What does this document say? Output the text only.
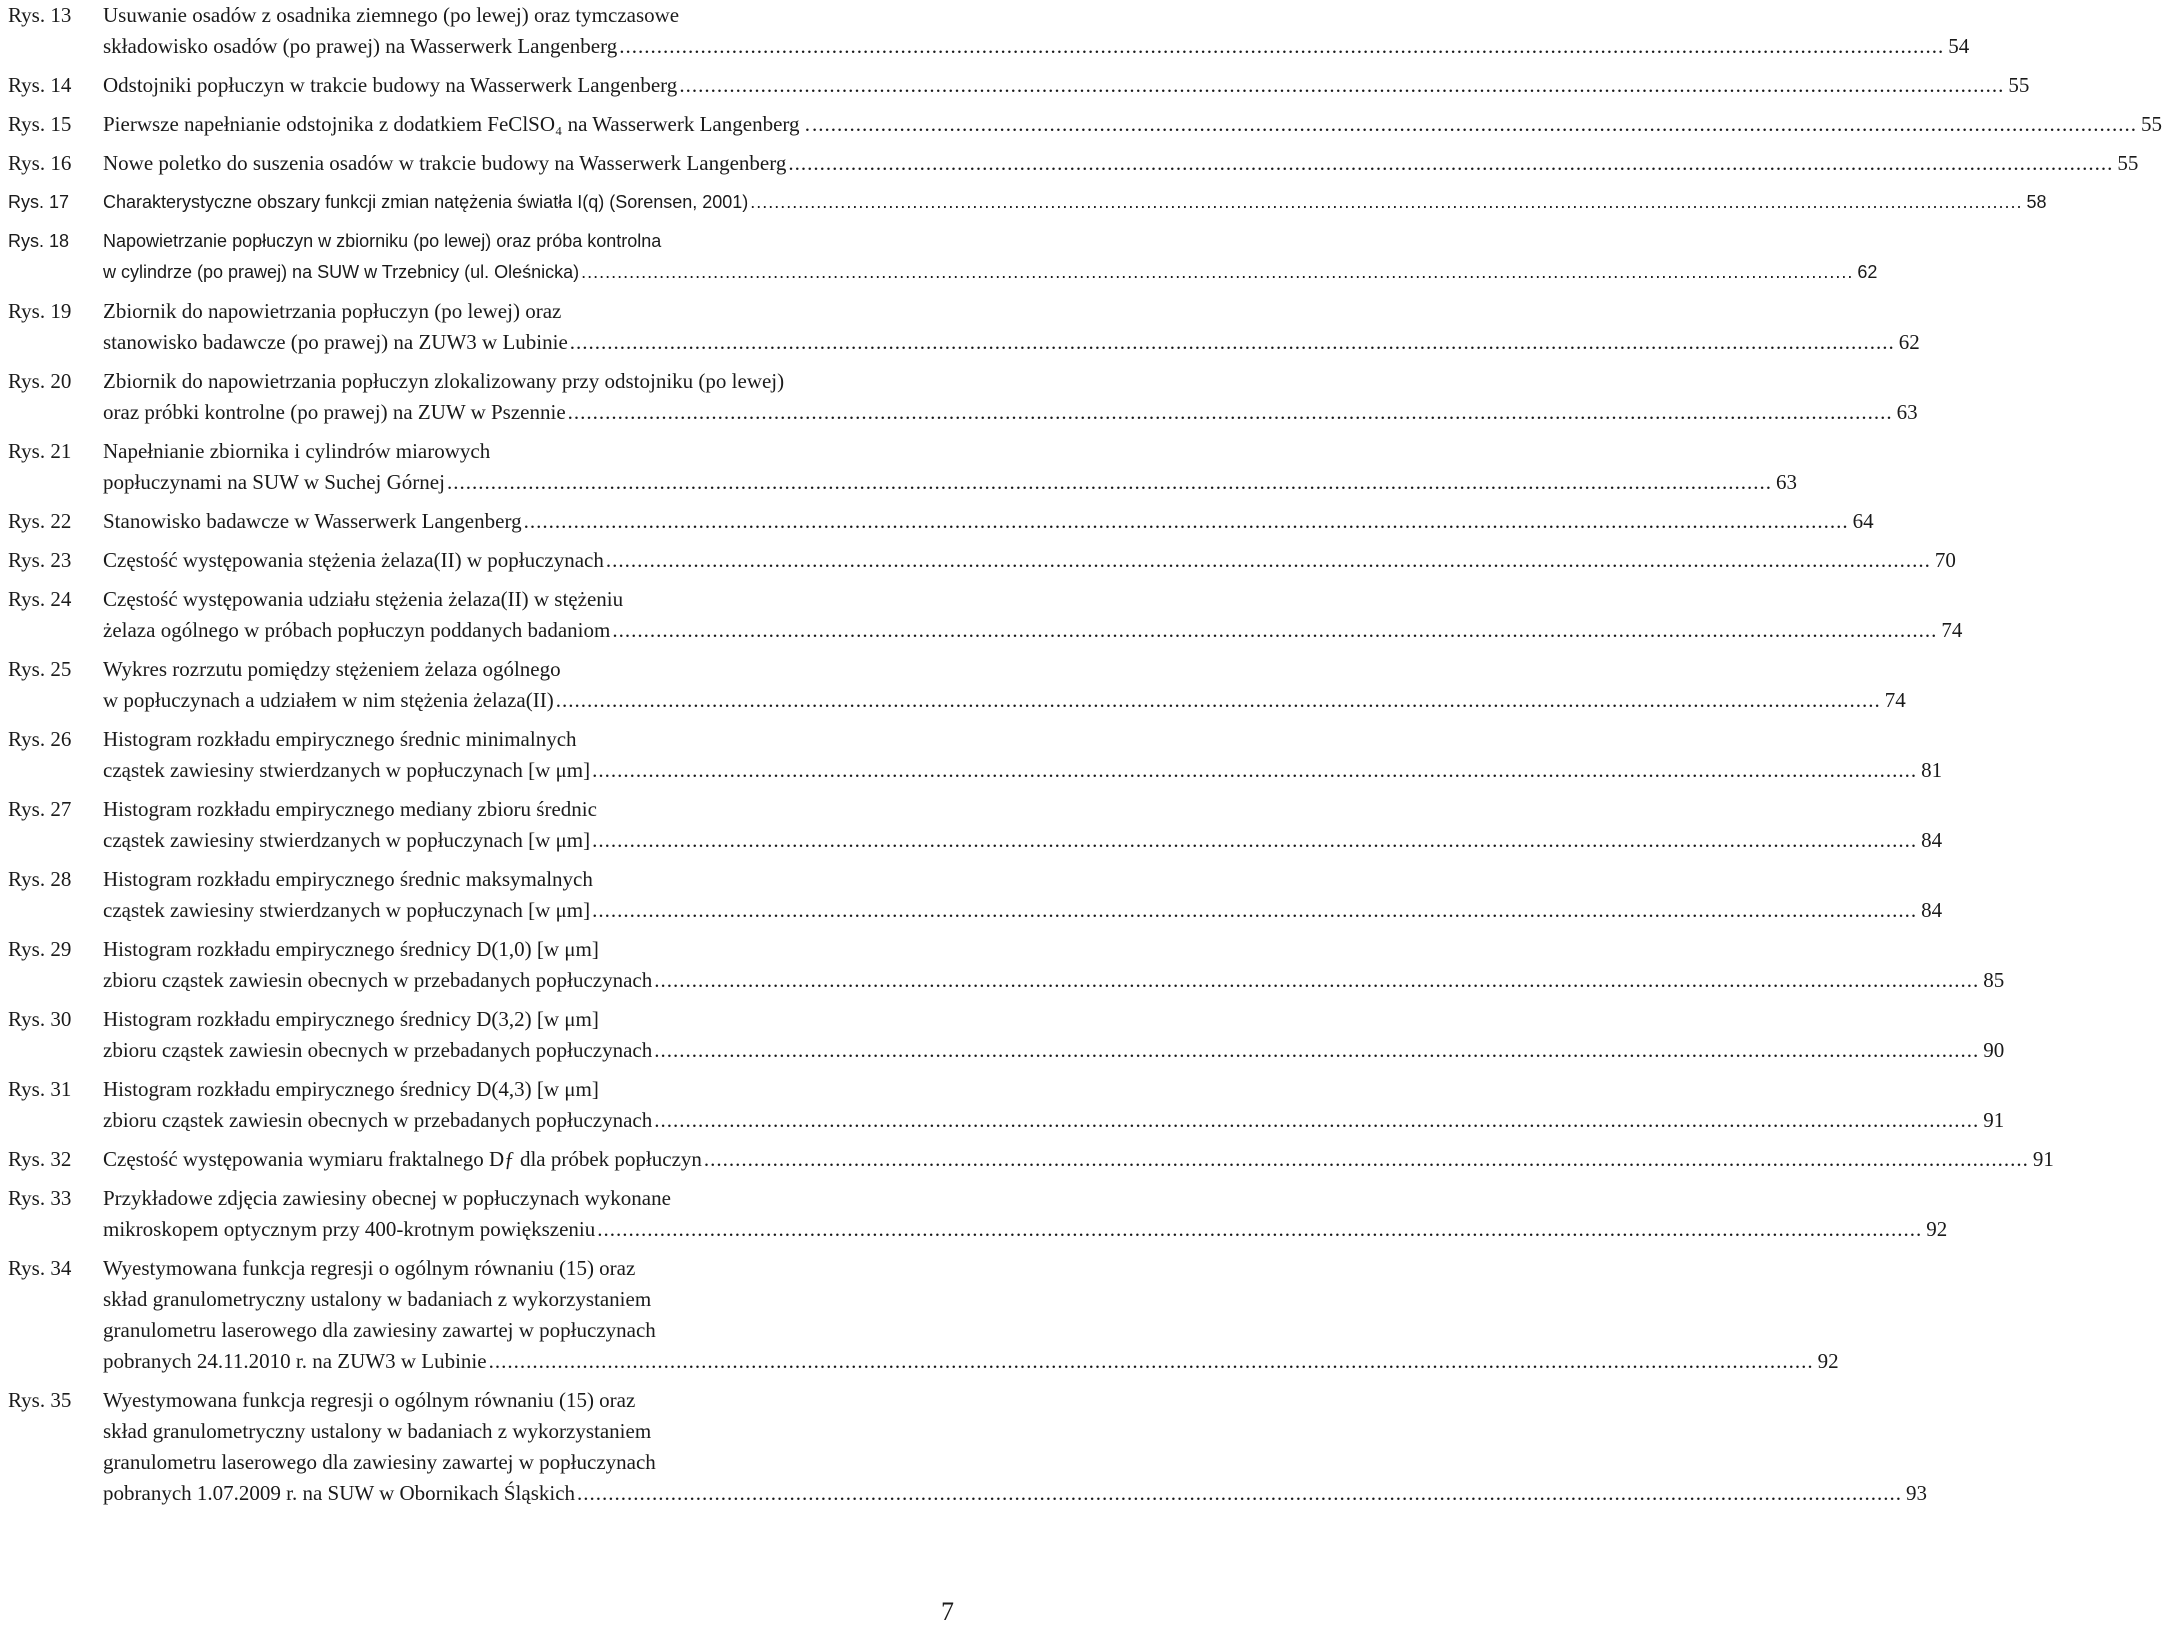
Rys. 13	Usuwanie osadów z osadnika ziemnego (po lewej) oraz tymczasowe
składowisko osadów (po prawej) na Wasserwerk Langenberg .................................................................................................................................................................................................................... 54
Rys. 14	Odstojniki popłuczyn w trakcie budowy na Wasserwerk Langenberg .................................................................................................................................................................................................................... 55
Rys. 15	Pierwsze napełnianie odstojnika z dodatkiem FeClSO₄ na Wasserwerk Langenberg . .................................................................................................................................................................................................................... 55
Rys. 16	Nowe poletko do suszenia osadów w trakcie budowy na Wasserwerk Langenberg .................................................................................................................................................................................................................... 55
Rys. 17	Charakterystyczne obszary funkcji zmian natężenia światła I(q) (Sorensen, 2001) .................................................................................................................................................................................................................... 58
Rys. 18	Napowietrzanie popłuczyn w zbiorniku (po lewej) oraz próba kontrolna
w cylindrze (po prawej) na SUW w Trzebnicy (ul. Oleśnicka) .................................................................................................................................................................................................................... 62
Rys. 19	Zbiornik do napowietrzania popłuczyn (po lewej) oraz
stanowisko badawcze (po prawej) na ZUW3 w Lubinie .................................................................................................................................................................................................................... 62
Rys. 20	Zbiornik do napowietrzania popłuczyn zlokalizowany przy odstojniku (po lewej)
oraz próbki kontrolne (po prawej) na ZUW w Pszennie .................................................................................................................................................................................................................... 63
Rys. 21	Napełnianie zbiornika i cylindrów miarowych
popłuczynami na SUW w Suchej Górnej .................................................................................................................................................................................................................... 63
Rys. 22	Stanowisko badawcze w Wasserwerk Langenberg .................................................................................................................................................................................................................... 64
Rys. 23	Częstość występowania stężenia żelaza(II) w popłuczynach .................................................................................................................................................................................................................... 70
Rys. 24	Częstość występowania udziału stężenia żelaza(II) w stężeniu
żelaza ogólnego w próbach popłuczyn poddanych badaniom .................................................................................................................................................................................................................... 74
Rys. 25	Wykres rozrzutu pomiędzy stężeniem żelaza ogólnego
w popłuczynach a udziałem w nim stężenia żelaza(II) .................................................................................................................................................................................................................... 74
Rys. 26	Histogram rozkładu empirycznego średnic minimalnych
cząstek zawiesiny stwierdzanych w popłuczynach [w μm] .................................................................................................................................................................................................................... 81
Rys. 27	Histogram rozkładu empirycznego mediany zbioru średnic
cząstek zawiesiny stwierdzanych w popłuczynach [w μm] .................................................................................................................................................................................................................... 84
Rys. 28	Histogram rozkładu empirycznego średnic maksymalnych
cząstek zawiesiny stwierdzanych w popłuczynach [w μm] .................................................................................................................................................................................................................... 84
Rys. 29	Histogram rozkładu empirycznego średnicy D(1,0) [w μm]
zbioru cząstek zawiesin obecnych w przebadanych popłuczynach .................................................................................................................................................................................................................... 85
Rys. 30	Histogram rozkładu empirycznego średnicy D(3,2) [w μm]
zbioru cząstek zawiesin obecnych w przebadanych popłuczynach .................................................................................................................................................................................................................... 90
Rys. 31	Histogram rozkładu empirycznego średnicy D(4,3) [w μm]
zbioru cząstek zawiesin obecnych w przebadanych popłuczynach .................................................................................................................................................................................................................... 91
Rys. 32	Częstość występowania wymiaru fraktalnego Dƒ dla próbek popłuczyn .................................................................................................................................................................................................................... 91
Rys. 33	Przykładowe zdjęcia zawiesiny obecnej w popłuczynach wykonane
mikroskopem optycznym przy 400-krotnym powiększeniu .................................................................................................................................................................................................................... 92
Rys. 34	Wyestymowana funkcja regresji o ogólnym równaniu (15) oraz
skład granulometryczny ustalony w badaniach z wykorzystaniem
granulometru laserowego dla zawiesiny zawartej w popłuczynach
pobranych 24.11.2010 r. na ZUW3 w Lubinie .................................................................................................................................................................................................................... 92
Rys. 35	Wyestymowana funkcja regresji o ogólnym równaniu (15) oraz
skład granulometryczny ustalony w badaniach z wykorzystaniem
granulometru laserowego dla zawiesiny zawartej w popłuczynach
pobranych 1.07.2009 r. na SUW w Obornikach Śląskich .................................................................................................................................................................................................................... 93
7
